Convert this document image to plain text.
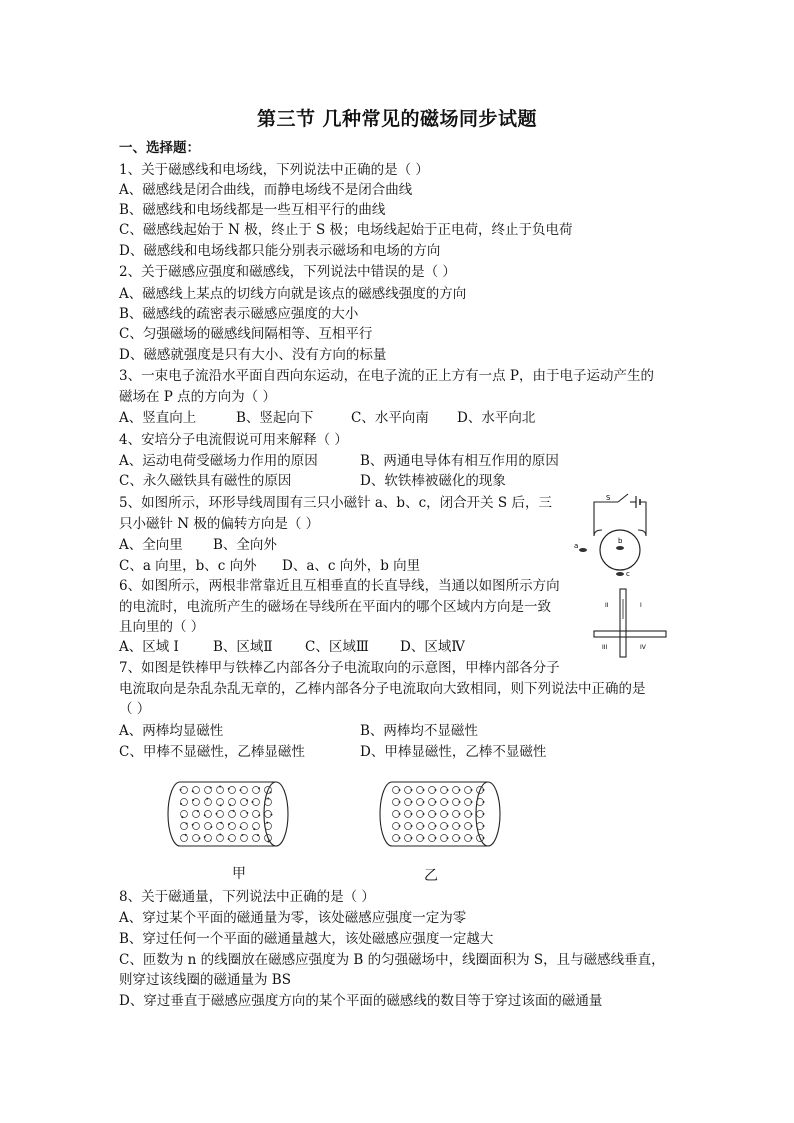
第三节 几种常见的磁场同步试题
一、选择题：
1、关于磁感线和电场线，下列说法中正确的是（ ）
A、磁感线是闭合曲线，而静电场线不是闭合曲线
B、磁感线和电场线都是一些互相平行的曲线
C、磁感线起始于 N 极，终止于 S 极；电场线起始于正电荷，终止于负电荷
D、磁感线和电场线都只能分别表示磁场和电场的方向
2、关于磁感应强度和磁感线，下列说法中错误的是（ ）
A、磁感线上某点的切线方向就是该点的磁感线强度的方向
B、磁感线的疏密表示磁感应强度的大小
C、匀强磁场的磁感线间隔相等、互相平行
D、磁感就强度是只有大小、没有方向的标量
3、一束电子流沿水平面自西向东运动，在电子流的正上方有一点 P，由于电子运动产生的
磁场在 P 点的方向为（ ）
A、竖直向上	B、竖起向下	C、水平向南 D、水平向北
4、安培分子电流假说可用来解释（ ）
A、运动电荷受磁场力作用的原因	B、两通电导体有相互作用的原因
C、永久磁铁具有磁性的原因	D、软铁棒被磁化的现象
5、如图所示，环形导线周围有三只小磁针 a、b、c，闭合开关 S 后，三
只小磁针 N 极的偏转方向是（ ）
A、全向里 B、全向外
C、a 向里，b、c 向外 D、a、c 向外，b 向里
S
b
a
c
6、如图所示，两根非常靠近且互相垂直的长直导线，当通以如图所示方向
的电流时，电流所产生的磁场在导线所在平面内的哪个区域内方向是一致
且向里的（ ）
A、区域 I	B、区域Ⅱ C、区域Ⅲ D、区域Ⅳ
I
II
III	IV
7、如图是铁棒甲与铁棒乙内部各分子电流取向的示意图，甲棒内部各分子
电流取向是杂乱杂乱无章的，乙棒内部各分子电流取向大致相同，则下列说法中正确的是
（ ）
A、两棒均显磁性	B、两棒均不显磁性
C、甲棒不显磁性，乙棒显磁性	D、甲棒显磁性，乙棒不显磁性
甲	乙
8、关于磁通量，下列说法中正确的是（ ）
A、穿过某个平面的磁通量为零，该处磁感应强度一定为零
B、穿过任何一个平面的磁通量越大，该处磁感应强度一定越大
C、匝数为 n 的线圈放在磁感应强度为 B 的匀强磁场中，线圈面积为 S，且与磁感线垂直，
则穿过该线圈的磁通量为 BS
D、穿过垂直于磁感应强度方向的某个平面的磁感线的数目等于穿过该面的磁通量
